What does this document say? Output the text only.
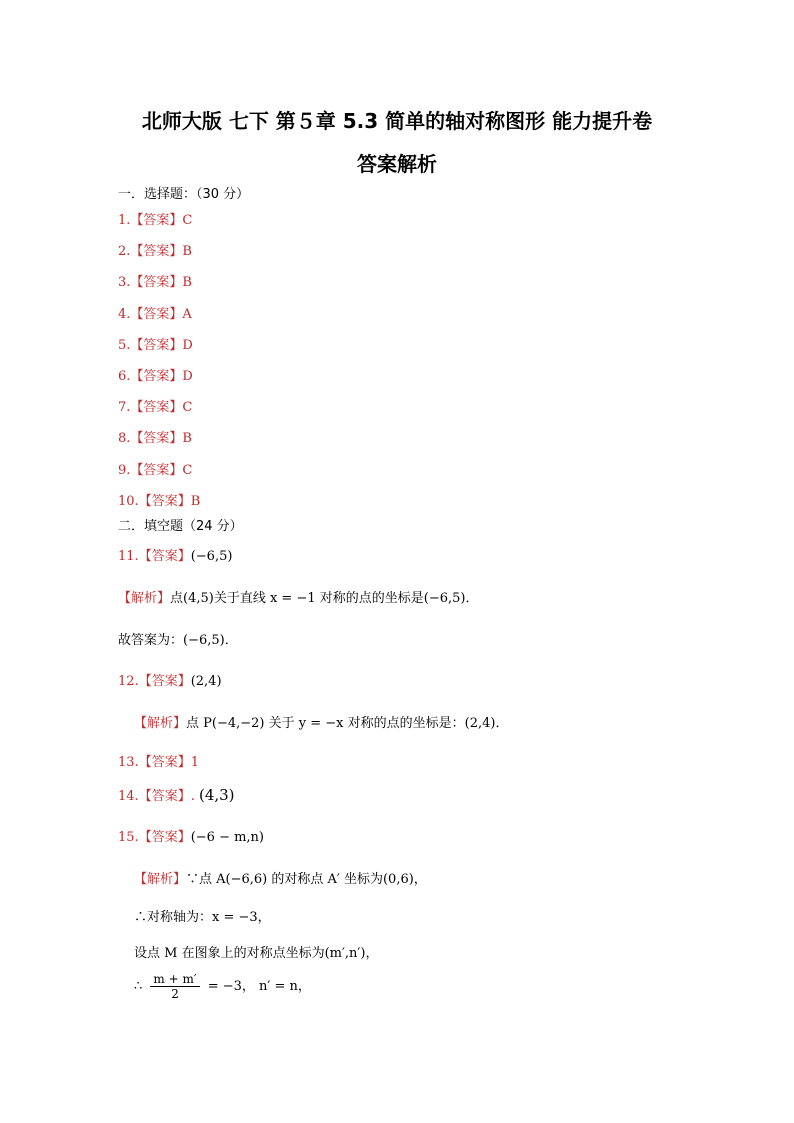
北师大版 七下 第５章 5.3 简单的轴对称图形 能力提升卷
答案解析
一．选择题：（30 分）
1.【答案】C
2.【答案】B
3.【答案】B
4.【答案】A
5.【答案】D
6.【答案】D
7.【答案】C
8.【答案】B
9.【答案】C
10.【答案】B
二．填空题（24 分）
11.【答案】(−6,5)
【解析】点(4,5)关于直线 x = −1 对称的点的坐标是(−6,5)．
故答案为：(−6,5)．
12.【答案】(2,4)
【解析】点 P(−4,−2) 关于 y = −x 对称的点的坐标是：(2,4)．
13.【答案】1
14.【答案】. (4,3)
15.【答案】(−6 − m,n)
【解析】∵点 A(−6,6) 的对称点 A′ 坐标为(0,6)，
∴对称轴为：x = −3，
设点 M 在图象上的对称点坐标为(m′,n′)，
∴ $\frac{m + m'}{2} = -3$， n′ = n，
